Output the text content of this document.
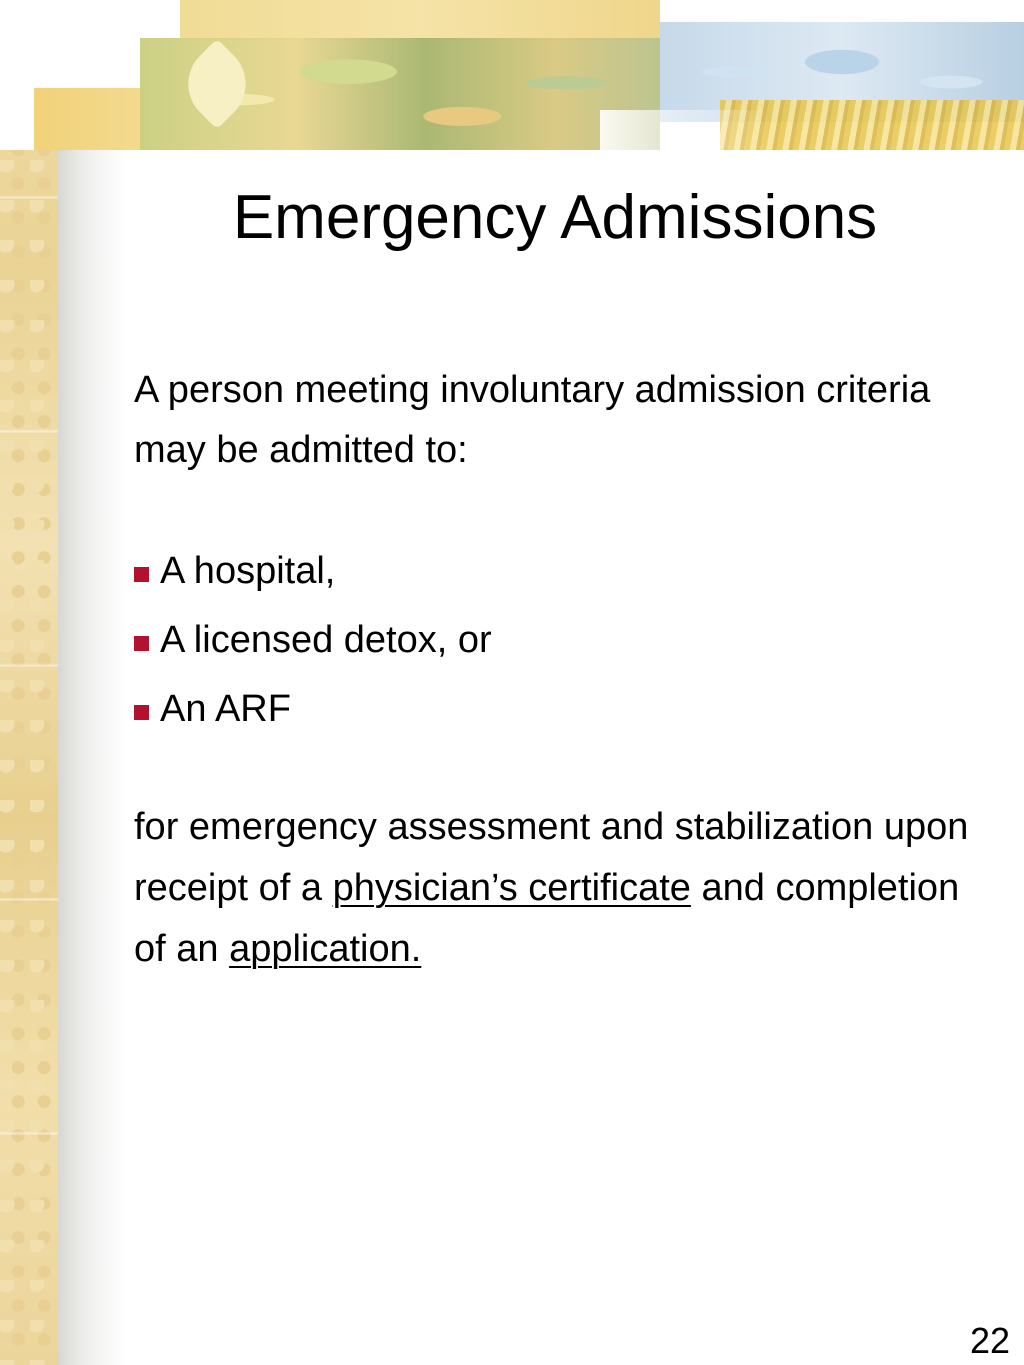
Emergency Admissions

A person meeting involuntary admission criteria may be admitted to:

A hospital,
A licensed detox, or
An ARF

for emergency assessment and stabilization upon receipt of a physician’s certificate and completion of an application.

22
